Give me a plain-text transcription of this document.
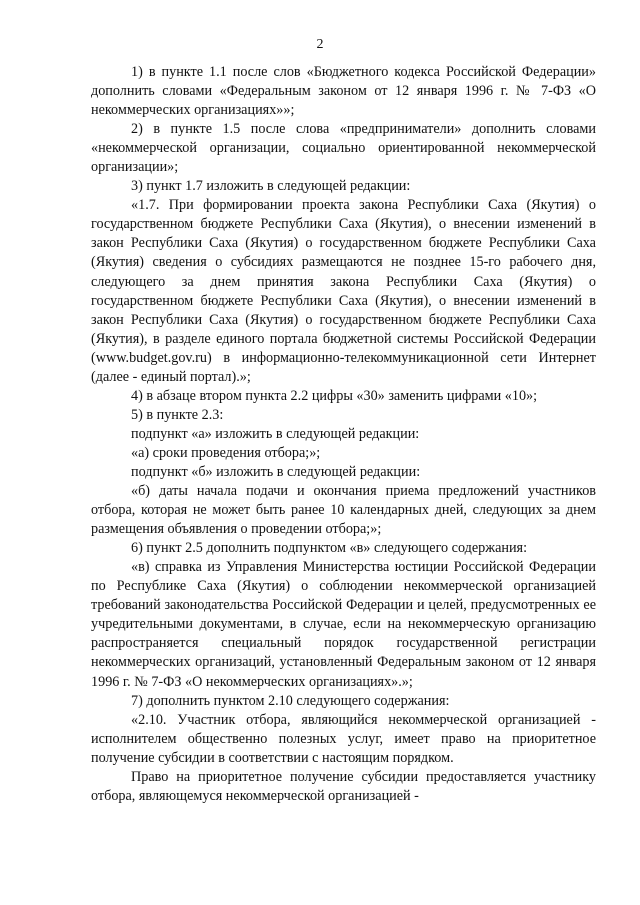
2

1) в пункте 1.1 после слов «Бюджетного кодекса Российской Федерации» дополнить словами «Федеральным законом от 12 января 1996 г. № 7-ФЗ «О некоммерческих организациях»»;

2) в пункте 1.5 после слова «предприниматели» дополнить словами «некоммерческой организации, социально ориентированной некоммерческой организации»;

3) пункт 1.7 изложить в следующей редакции:

«1.7. При формировании проекта закона Республики Саха (Якутия) о государственном бюджете Республики Саха (Якутия), о внесении изменений в закон Республики Саха (Якутия) о государственном бюджете Республики Саха (Якутия) сведения о субсидиях размещаются не позднее 15-го рабочего дня, следующего за днем принятия закона Республики Саха (Якутия) о государственном бюджете Республики Саха (Якутия), о внесении изменений в закон Республики Саха (Якутия) о государственном бюджете Республики Саха (Якутия), в разделе единого портала бюджетной системы Российской Федерации (www.budget.gov.ru) в информационно-телекоммуникационной сети Интернет (далее - единый портал).»;

4) в абзаце втором пункта 2.2 цифры «30» заменить цифрами «10»;

5) в пункте 2.3:

подпункт «а» изложить в следующей редакции:

«а) сроки проведения отбора;»;

подпункт «б» изложить в следующей редакции:

«б) даты начала подачи и окончания приема предложений участников отбора, которая не может быть ранее 10 календарных дней, следующих за днем размещения объявления о проведении отбора;»;

6) пункт 2.5 дополнить подпунктом «в» следующего содержания:

«в) справка из Управления Министерства юстиции Российской Федерации по Республике Саха (Якутия) о соблюдении некоммерческой организацией требований законодательства Российской Федерации и целей, предусмотренных ее учредительными документами, в случае, если на некоммерческую организацию распространяется специальный порядок государственной регистрации некоммерческих организаций, установленный Федеральным законом от 12 января 1996 г. № 7-ФЗ «О некоммерческих организациях».»;

7) дополнить пунктом 2.10 следующего содержания:

«2.10. Участник отбора, являющийся некоммерческой организацией - исполнителем общественно полезных услуг, имеет право на приоритетное получение субсидии в соответствии с настоящим порядком.

Право на приоритетное получение субсидии предоставляется участнику отбора, являющемуся некоммерческой организацией -
